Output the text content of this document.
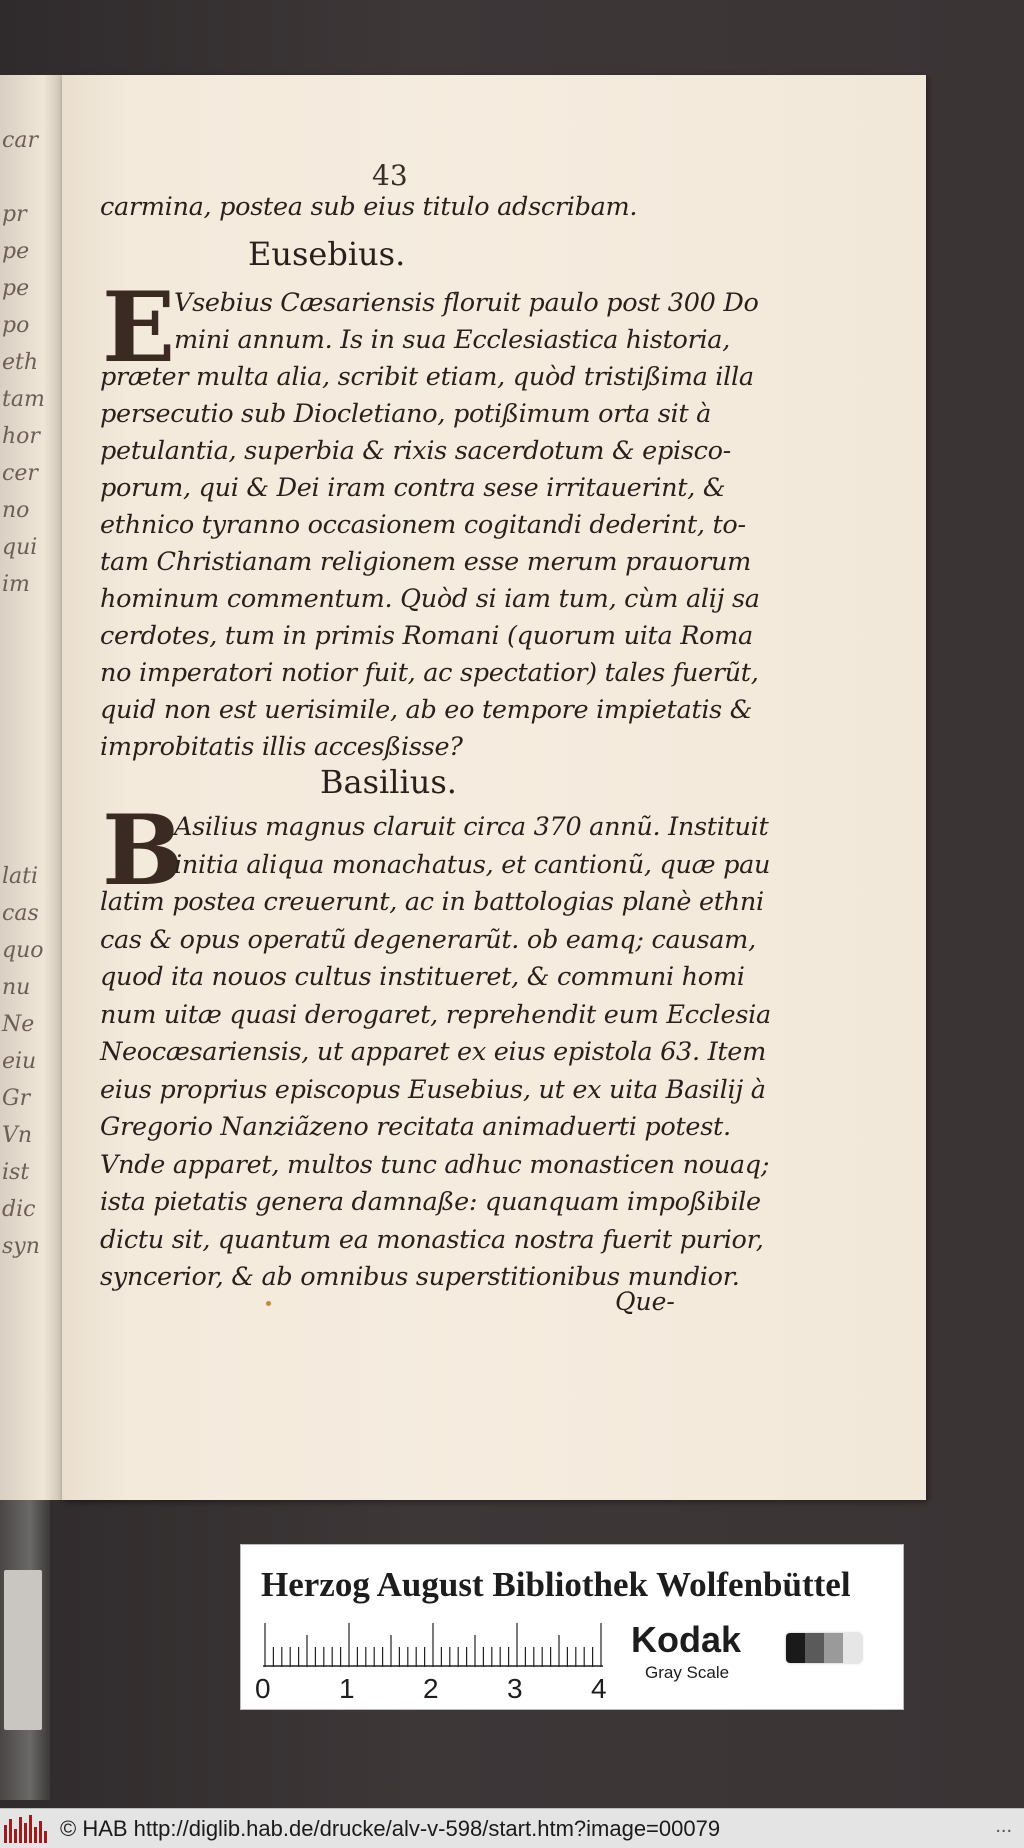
car
pr
pe
pe
po
eth
tam
hor
cer
no
qui
im
lati
cas
quo
nu
Ne
eiu
Gr
Vn
ist
dic
syn
43
carmina, postea sub eius titulo adscribam.
Eusebius.
E
Basilius.
B
Que-
Vsebius Cæsariensis floruit paulo post 300 Do
mini annum. Is in sua Ecclesiastica historia,
præter multa alia, scribit etiam, quòd tristißima illa
persecutio sub Diocletiano, potißimum orta sit à
petulantia, superbia & rixis sacerdotum & episco-
porum, qui & Dei iram contra sese irritauerint, &
ethnico tyranno occasionem cogitandi dederint, to-
tam Christianam religionem esse merum prauorum
hominum commentum. Quòd si iam tum, cùm alij sa
cerdotes, tum in primis Romani (quorum uita Roma
no imperatori notior fuit, ac spectatior) tales fuerũt,
quid non est uerisimile, ab eo tempore impietatis &
improbitatis illis accesßisse?
Asilius magnus claruit circa 370 annũ. Instituit
initia aliqua monachatus, et cantionũ, quæ pau
latim postea creuerunt, ac in battologias planè ethni
cas & opus operatũ degenerarũt. ob eamq; causam,
quod ita nouos cultus institueret, & communi homi
num uitæ quasi derogaret, reprehendit eum Ecclesia
Neocæsariensis, ut apparet ex eius epistola 63. Item
eius proprius episcopus Eusebius, ut ex uita Basilij à
Gregorio Nanziãzeno recitata animaduerti potest.
Vnde apparet, multos tunc adhuc monasticen nouaq;
ista pietatis genera damnaße: quanquam impoßibile
dictu sit, quantum ea monastica nostra fuerit purior,
syncerior, & ab omnibus superstitionibus mundior.
Herzog August Bibliothek Wolfenbüttel
0 1 2 3 4
Kodak
Gray Scale
© HAB http://diglib.hab.de/drucke/alv-v-598/start.htm?image=00079	...
